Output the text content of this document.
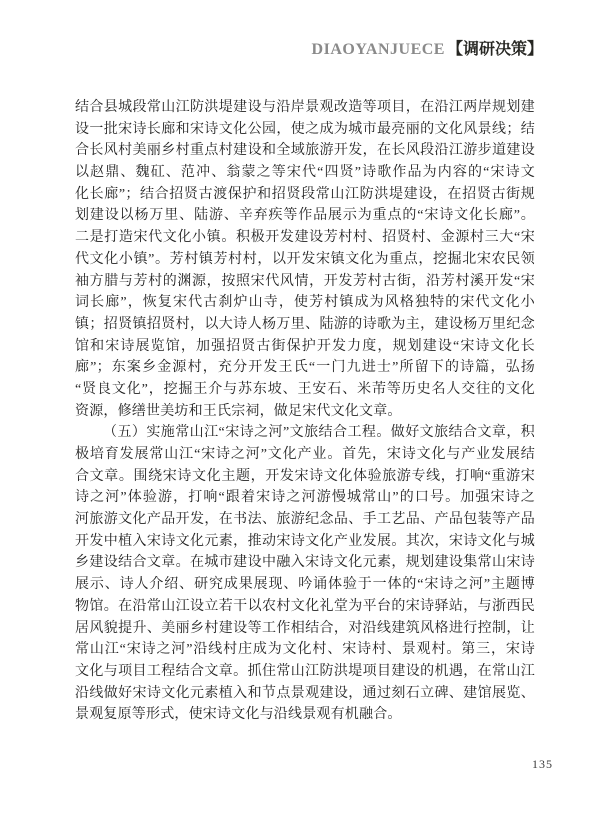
DIAOYANJUECE 【调研决策】
结合县城段常山江防洪堤建设与沿岸景观改造等项目，在沿江两岸规划建
设一批宋诗长廊和宋诗文化公园，使之成为城市最亮丽的文化风景线；结
合长风村美丽乡村重点村建设和全域旅游开发，在长风段沿江游步道建设
以赵鼎、魏矼、范冲、翁蒙之等宋代“四贤”诗歌作品为内容的“宋诗文
化长廊”；结合招贤古渡保护和招贤段常山江防洪堤建设，在招贤古街规
划建设以杨万里、陆游、辛弃疾等作品展示为重点的“宋诗文化长廊”。
二是打造宋代文化小镇。积极开发建设芳村村、招贤村、金源村三大“宋
代文化小镇”。芳村镇芳村村，以开发宋镇文化为重点，挖掘北宋农民领
袖方腊与芳村的渊源，按照宋代风情，开发芳村古街，沿芳村溪开发“宋
词长廊”，恢复宋代古刹炉山寺，使芳村镇成为风格独特的宋代文化小
镇；招贤镇招贤村，以大诗人杨万里、陆游的诗歌为主，建设杨万里纪念
馆和宋诗展览馆，加强招贤古街保护开发力度，规划建设“宋诗文化长
廊”；东案乡金源村，充分开发王氏“一门九进士”所留下的诗篇，弘扬
“贤良文化”，挖掘王介与苏东坡、王安石、米芾等历史名人交往的文化
资源，修缮世美坊和王氏宗祠，做足宋代文化文章。
（五）实施常山江“宋诗之河”文旅结合工程。做好文旅结合文章，积
极培育发展常山江“宋诗之河”文化产业。首先，宋诗文化与产业发展结
合文章。围绕宋诗文化主题，开发宋诗文化体验旅游专线，打响“重游宋
诗之河”体验游，打响“跟着宋诗之河游慢城常山”的口号。加强宋诗之
河旅游文化产品开发，在书法、旅游纪念品、手工艺品、产品包装等产品
开发中植入宋诗文化元素，推动宋诗文化产业发展。其次，宋诗文化与城
乡建设结合文章。在城市建设中融入宋诗文化元素，规划建设集常山宋诗
展示、诗人介绍、研究成果展现、吟诵体验于一体的“宋诗之河”主题博
物馆。在沿常山江设立若干以农村文化礼堂为平台的宋诗驿站，与浙西民
居风貌提升、美丽乡村建设等工作相结合，对沿线建筑风格进行控制，让
常山江“宋诗之河”沿线村庄成为文化村、宋诗村、景观村。第三，宋诗
文化与项目工程结合文章。抓住常山江防洪堤项目建设的机遇，在常山江
沿线做好宋诗文化元素植入和节点景观建设，通过刻石立碑、建馆展览、
景观复原等形式，使宋诗文化与沿线景观有机融合。
135
